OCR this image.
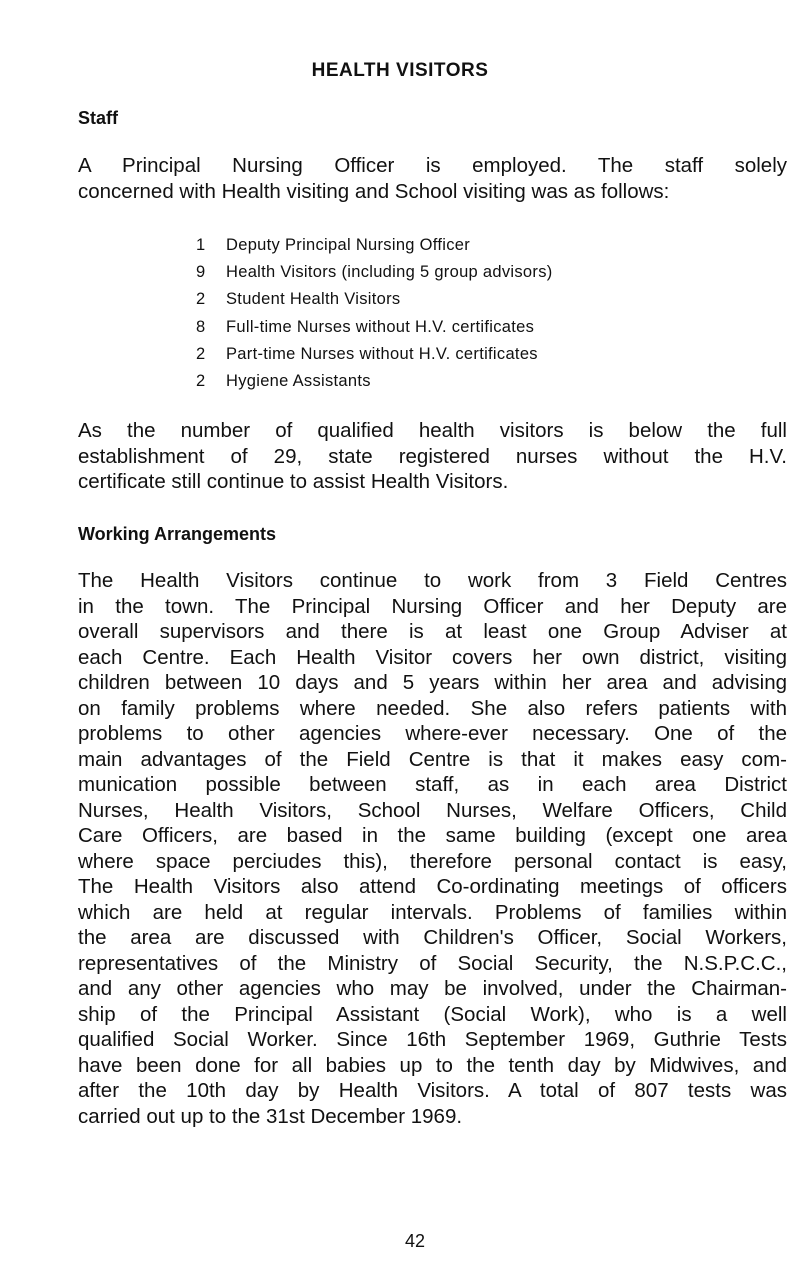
HEALTH VISITORS
Staff
A Principal Nursing Officer is employed. The staff solely
concerned with Health visiting and School visiting was as follows:
1	Deputy Principal Nursing Officer
9	Health Visitors (including 5 group advisors)
2	Student Health Visitors
8	Full-time Nurses without H.V. certificates
2	Part-time Nurses without H.V. certificates
2	Hygiene Assistants
As the number of qualified health visitors is below the full
establishment of 29, state registered nurses without the H.V.
certificate still continue to assist Health Visitors.
Working Arrangements
The Health Visitors continue to work from 3 Field Centres
in the town. The Principal Nursing Officer and her Deputy are
overall supervisors and there is at least one Group Adviser at
each Centre. Each Health Visitor covers her own district, visiting
children between 10 days and 5 years within her area and advising
on family problems where needed. She also refers patients with
problems to other agencies where-ever necessary. One of the
main advantages of the Field Centre is that it makes easy com-
munication possible between staff, as in each area District
Nurses, Health Visitors, School Nurses, Welfare Officers, Child
Care Officers, are based in the same building (except one area
where space perciudes this), therefore personal contact is easy,
The Health Visitors also attend Co-ordinating meetings of officers
which are held at regular intervals. Problems of families within
the area are discussed with Children's Officer, Social Workers,
representatives of the Ministry of Social Security, the N.S.P.C.C.,
and any other agencies who may be involved, under the Chairman-
ship of the Principal Assistant (Social Work), who is a well
qualified Social Worker. Since 16th September 1969, Guthrie Tests
have been done for all babies up to the tenth day by Midwives, and
after the 10th day by Health Visitors. A total of 807 tests was
carried out up to the 31st December 1969.
42
